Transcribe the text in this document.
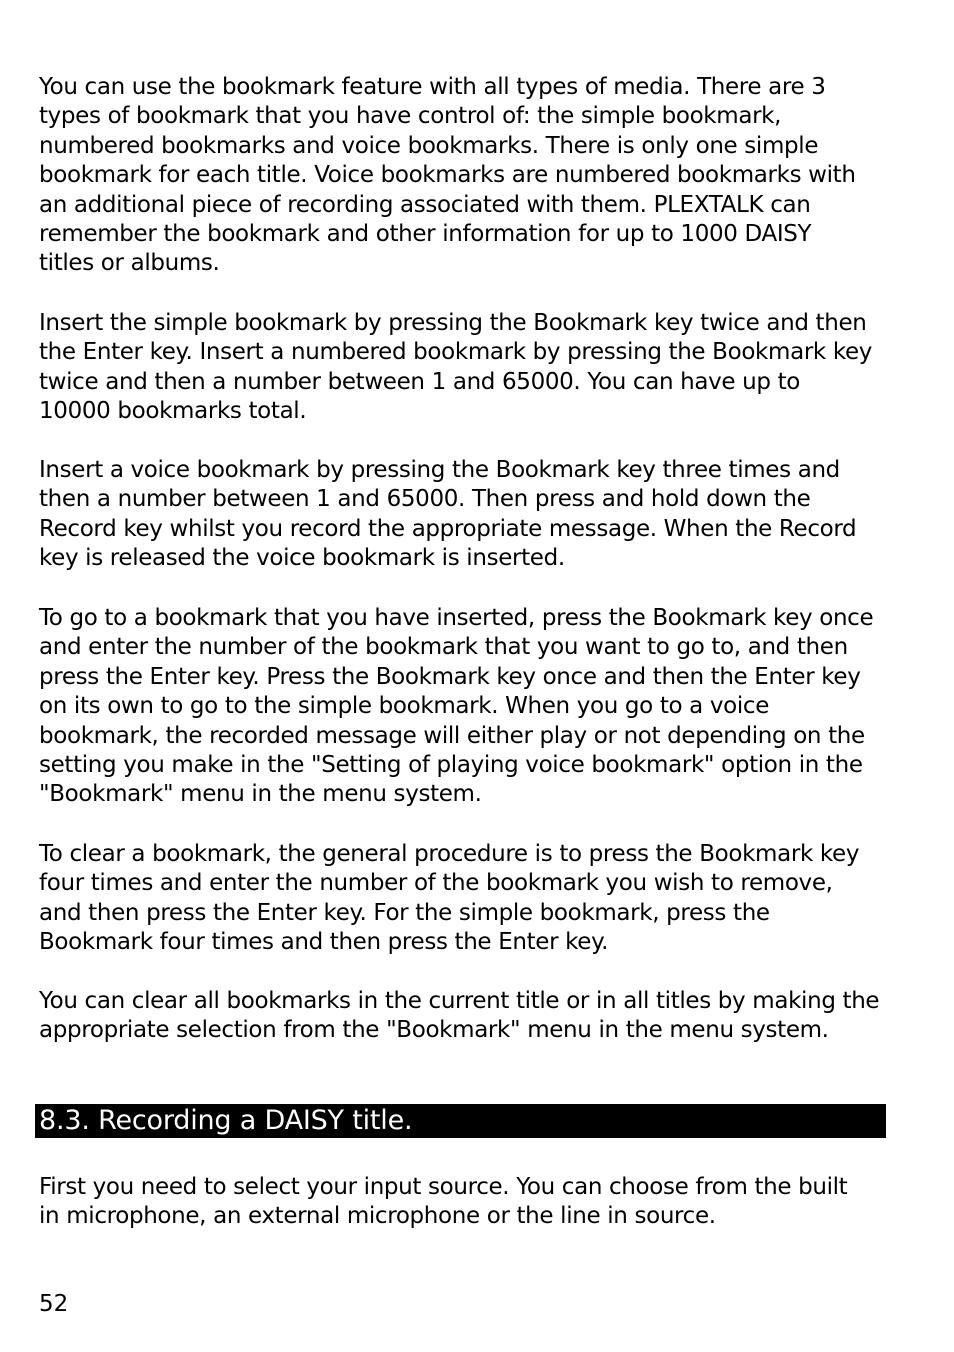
You can use the bookmark feature with all types of media. There are 3
types of bookmark that you have control of: the simple bookmark,
numbered bookmarks and voice bookmarks. There is only one simple
bookmark for each title. Voice bookmarks are numbered bookmarks with
an additional piece of recording associated with them. PLEXTALK can
remember the bookmark and other information for up to 1000 DAISY
titles or albums.

Insert the simple bookmark by pressing the Bookmark key twice and then
the Enter key. Insert a numbered bookmark by pressing the Bookmark key
twice and then a number between 1 and 65000. You can have up to
10000 bookmarks total.

Insert a voice bookmark by pressing the Bookmark key three times and
then a number between 1 and 65000. Then press and hold down the
Record key whilst you record the appropriate message. When the Record
key is released the voice bookmark is inserted.

To go to a bookmark that you have inserted, press the Bookmark key once
and enter the number of the bookmark that you want to go to, and then
press the Enter key. Press the Bookmark key once and then the Enter key
on its own to go to the simple bookmark. When you go to a voice
bookmark, the recorded message will either play or not depending on the
setting you make in the "Setting of playing voice bookmark" option in the
"Bookmark" menu in the menu system.

To clear a bookmark, the general procedure is to press the Bookmark key
four times and enter the number of the bookmark you wish to remove,
and then press the Enter key. For the simple bookmark, press the
Bookmark four times and then press the Enter key.

You can clear all bookmarks in the current title or in all titles by making the
appropriate selection from the "Bookmark" menu in the menu system.

8.3. Recording a DAISY title.

First you need to select your input source. You can choose from the built
in microphone, an external microphone or the line in source.

52
